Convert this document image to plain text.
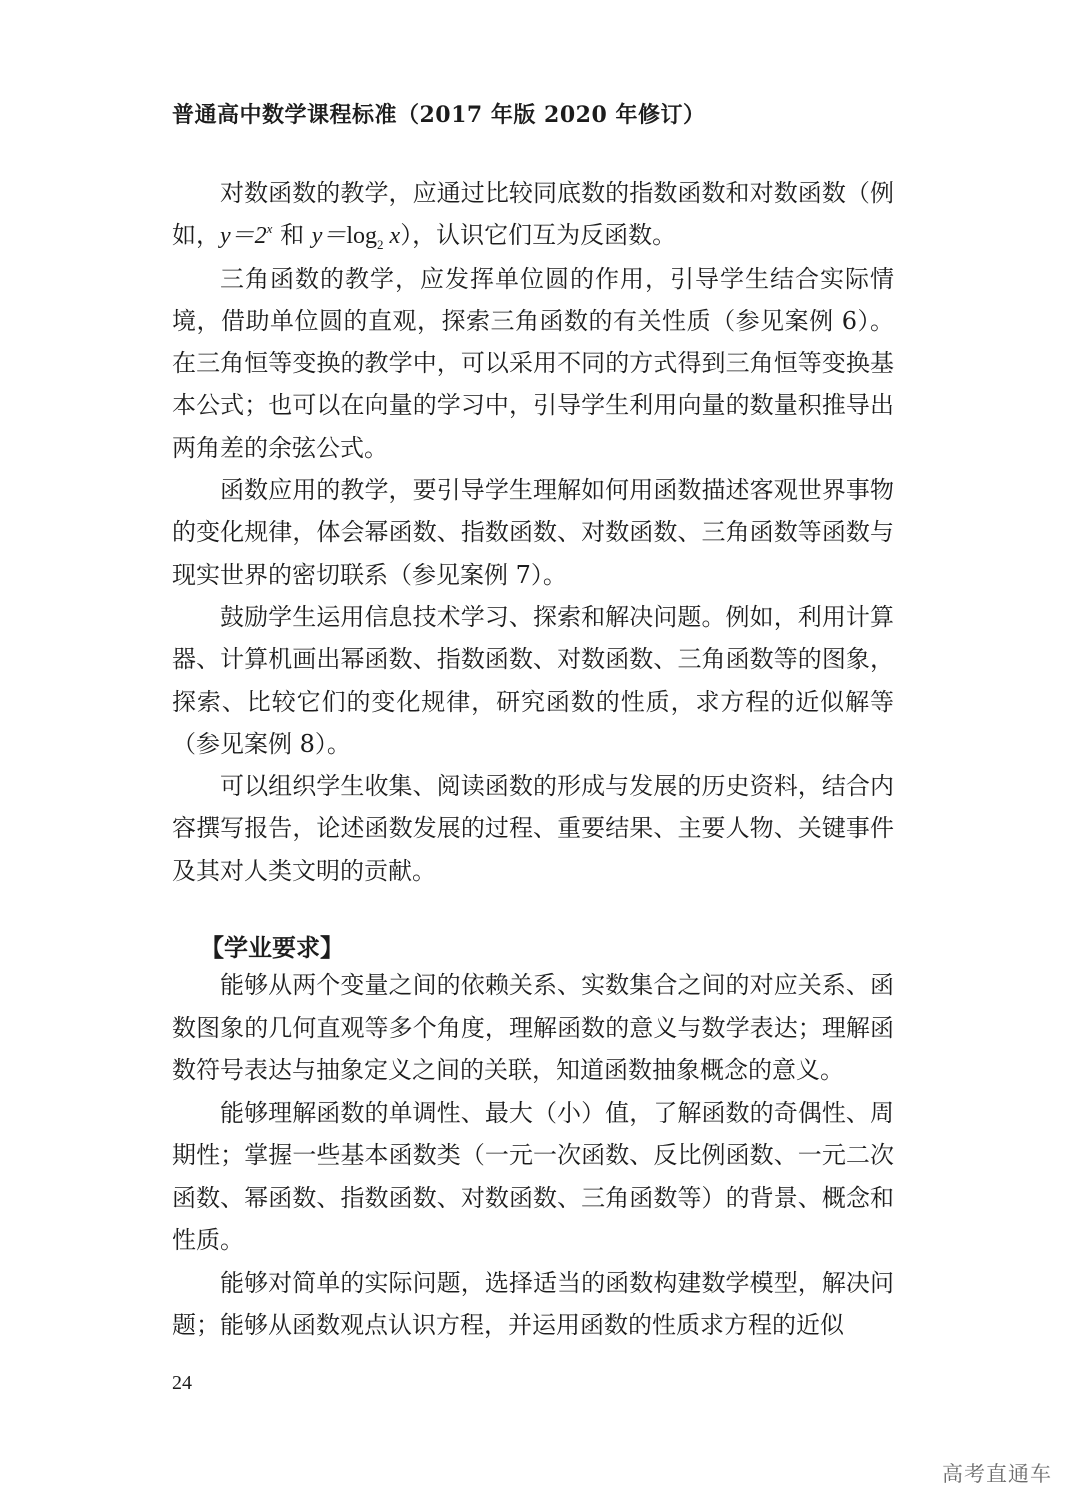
普通高中数学课程标准（2017 年版 2020 年修订）

对数函数的教学，应通过比较同底数的指数函数和对数函数（例如，$y=2^x$ 和 $y=\log_2$ x），认识它们互为反函数。

三角函数的教学，应发挥单位圆的作用，引导学生结合实际情境，借助单位圆的直观，探索三角函数的有关性质（参见案例 6）。在三角恒等变换的教学中，可以采用不同的方式得到三角恒等变换基本公式；也可以在向量的学习中，引导学生利用向量的数量积推导出两角差的余弦公式。

函数应用的教学，要引导学生理解如何用函数描述客观世界事物的变化规律，体会幂函数、指数函数、对数函数、三角函数等函数与现实世界的密切联系（参见案例 7）。

鼓励学生运用信息技术学习、探索和解决问题。例如，利用计算器、计算机画出幂函数、指数函数、对数函数、三角函数等的图象，探索、比较它们的变化规律，研究函数的性质，求方程的近似解等（参见案例 8）。

可以组织学生收集、阅读函数的形成与发展的历史资料，结合内容撰写报告，论述函数发展的过程、重要结果、主要人物、关键事件及其对人类文明的贡献。

【学业要求】

能够从两个变量之间的依赖关系、实数集合之间的对应关系、函数图象的几何直观等多个角度，理解函数的意义与数学表达；理解函数符号表达与抽象定义之间的关联，知道函数抽象概念的意义。

能够理解函数的单调性、最大（小）值，了解函数的奇偶性、周期性；掌握一些基本函数类（一元一次函数、反比例函数、一元二次函数、幂函数、指数函数、对数函数、三角函数等）的背景、概念和性质。

能够对简单的实际问题，选择适当的函数构建数学模型，解决问题；能够从函数观点认识方程，并运用函数的性质求方程的近似

24
高考直通车
